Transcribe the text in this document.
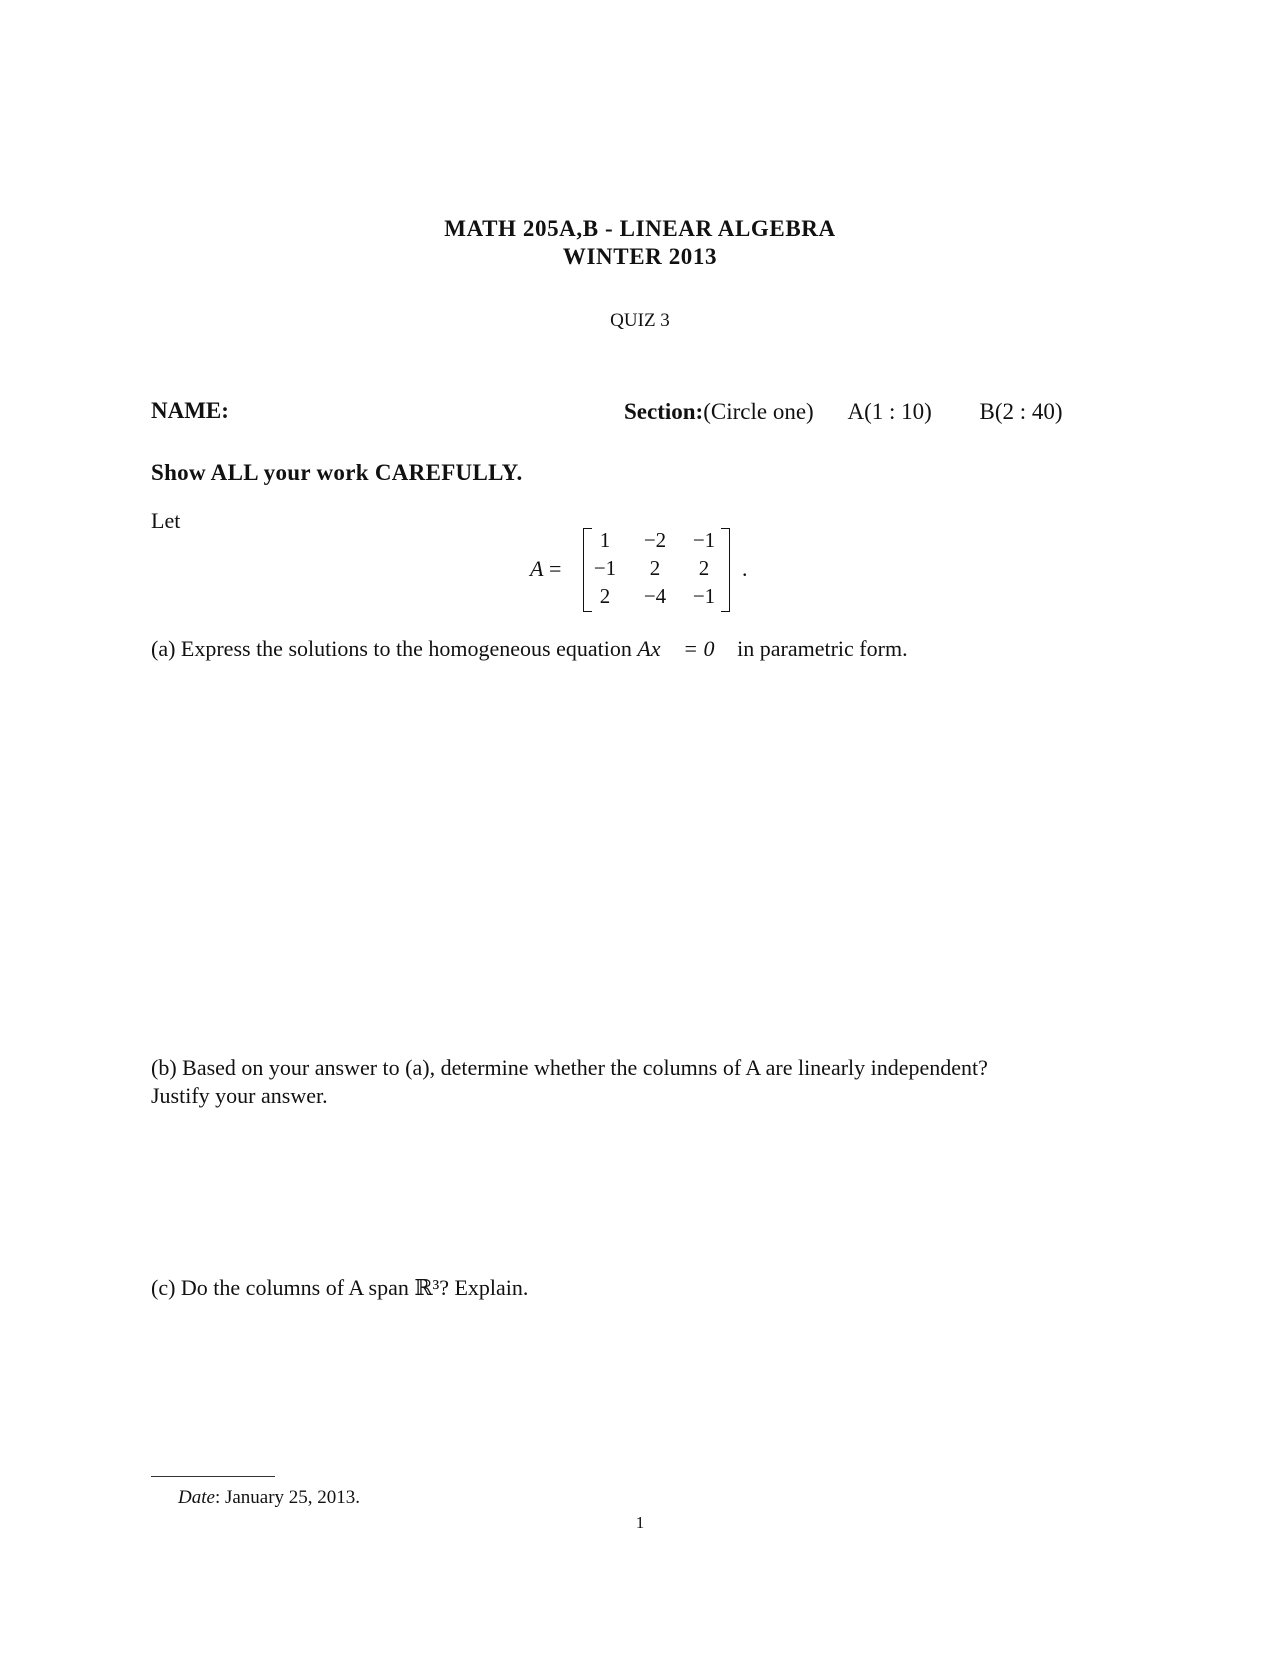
MATH 205A,B - LINEAR ALGEBRA
WINTER 2013
QUIZ 3
NAME:	Section:(Circle one) A(1 : 10) B(2 : 40)
Show ALL your work CAREFULLY.
Let
A =
1	−2	−1
−1	2	2
2	−4	−1
.
(a) Express the solutions to the homogeneous equation Ax⃗ = 0⃗ in parametric form.
(b) Based on your answer to (a), determine whether the columns of A are linearly independent?
Justify your answer.
(c) Do the columns of A span ℝ³? Explain.
Date: January 25, 2013.
1
